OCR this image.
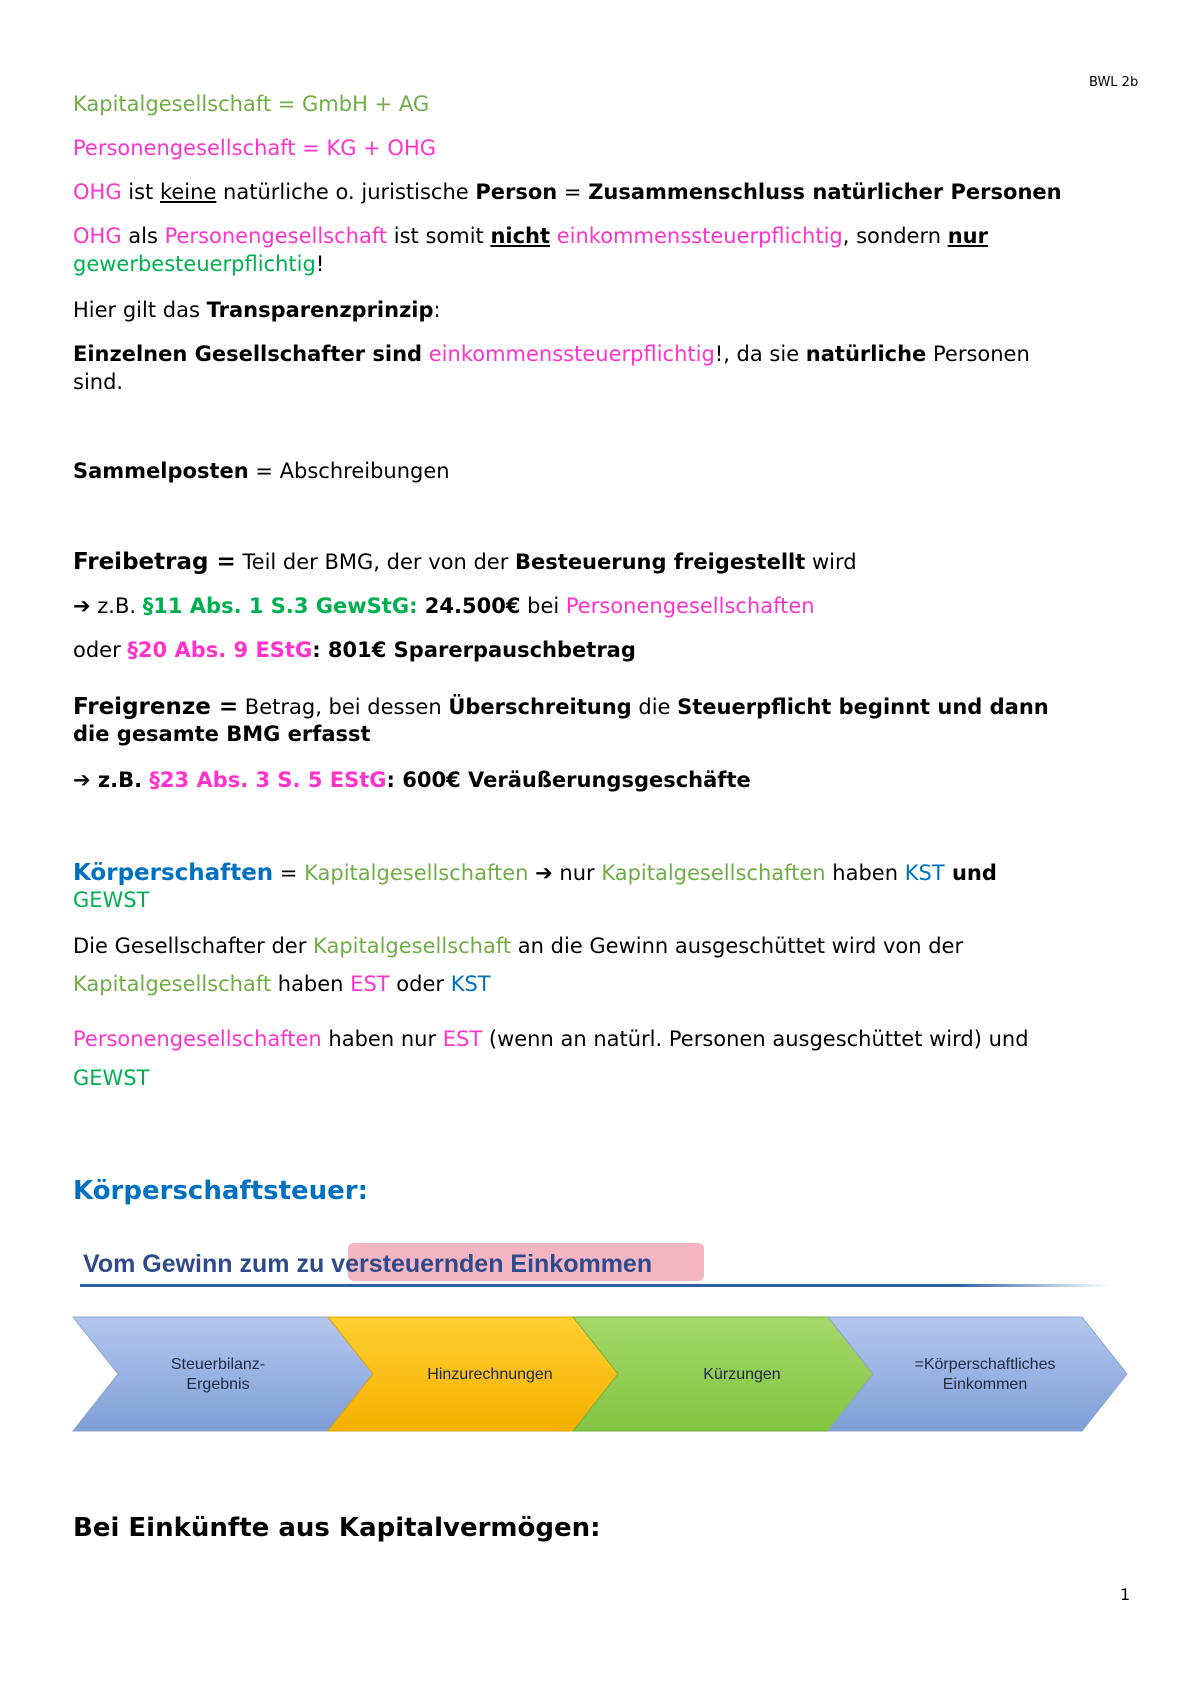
BWL 2b
Kapitalgesellschaft = GmbH + AG
Personengesellschaft = KG + OHG
OHG ist keine natürliche o. juristische Person = Zusammenschluss natürlicher Personen
OHG als Personengesellschaft ist somit nicht einkommenssteuerpflichtig, sondern nur
gewerbesteuerpflichtig!
Hier gilt das Transparenzprinzip:
Einzelnen Gesellschafter sind einkommenssteuerpflichtig!, da sie natürliche Personen
sind.
Sammelposten = Abschreibungen
Freibetrag = Teil der BMG, der von der Besteuerung freigestellt wird
➔ z.B. §11 Abs. 1 S.3 GewStG: 24.500€ bei Personengesellschaften
oder §20 Abs. 9 EStG: 801€ Sparerpauschbetrag
Freigrenze = Betrag, bei dessen Überschreitung die Steuerpflicht beginnt und dann
die gesamte BMG erfasst
➔ z.B. §23 Abs. 3 S. 5 EStG: 600€ Veräußerungsgeschäfte
Körperschaften = Kapitalgesellschaften ➔ nur Kapitalgesellschaften haben KST und
GEWST
Die Gesellschafter der Kapitalgesellschaft an die Gewinn ausgeschüttet wird von der
Kapitalgesellschaft haben EST oder KST
Personengesellschaften haben nur EST (wenn an natürl. Personen ausgeschüttet wird) und
GEWST
Körperschaftsteuer:
Vom Gewinn zum zu versteuernden Einkommen
Steuerbilanz-
Ergebnis
Hinzurechnungen	Kürzungen
=Körperschaftliches
Einkommen
Bei Einkünfte aus Kapitalvermögen:
1
